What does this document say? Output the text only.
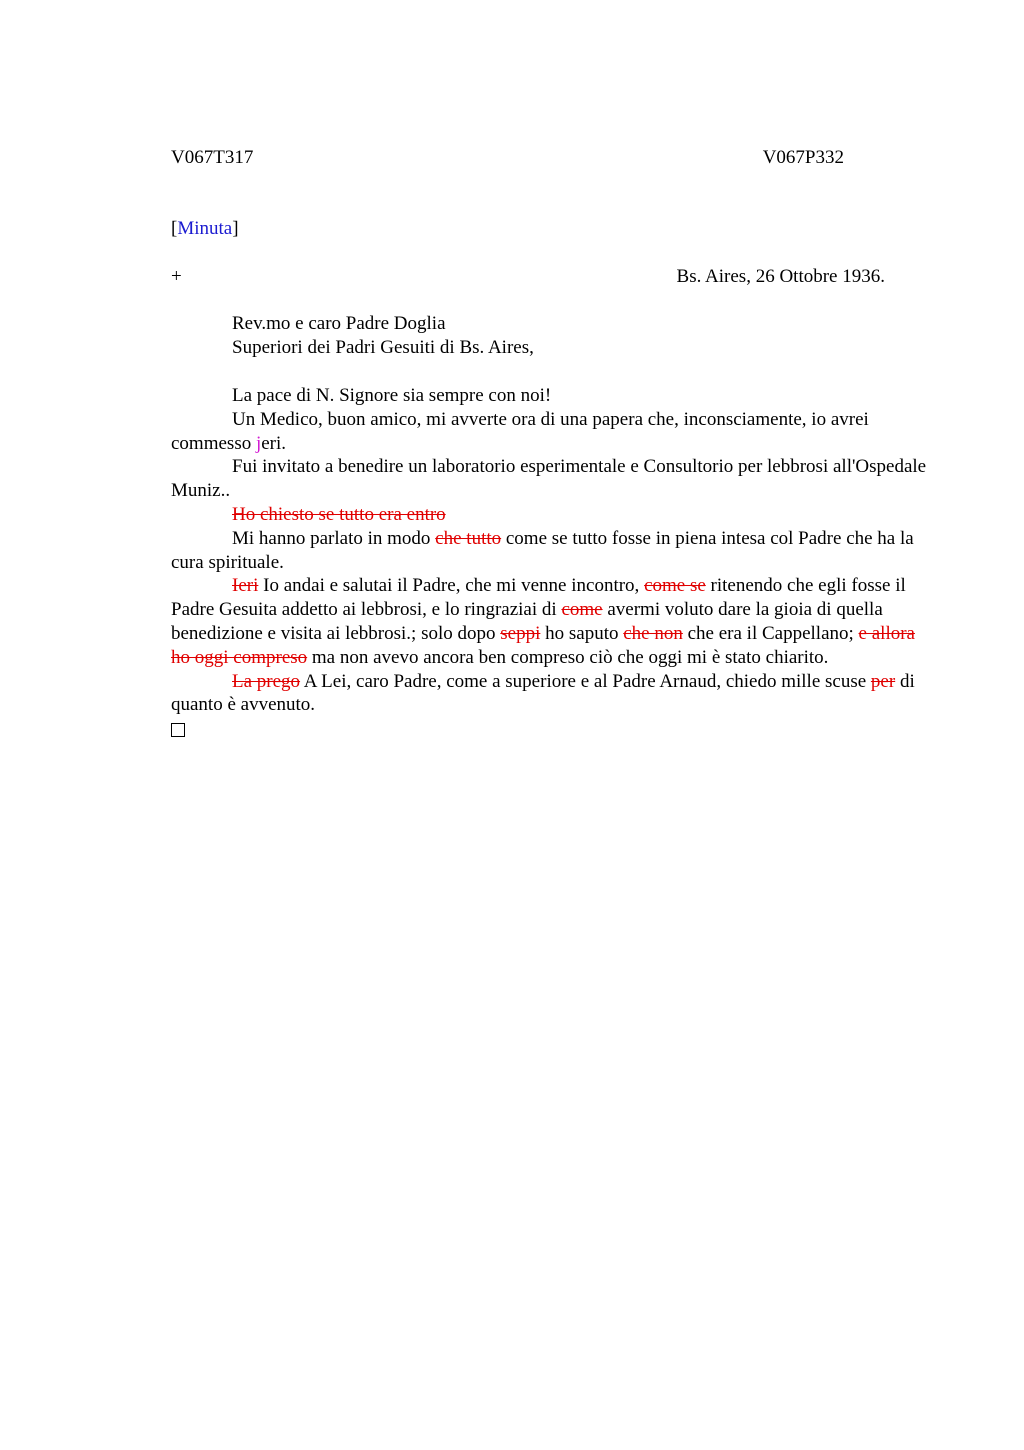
V067T317	V067P332
[Minuta]
+	Bs. Aires, 26 Ottobre 1936.

Rev.mo e caro Padre Doglia

Superiori dei Padri Gesuiti di Bs. Aires,

La pace di N. Signore sia sempre con noi!

Un Medico, buon amico, mi avverte ora di una papera che, inconsciamente, io avrei commesso jeri.

Fui invitato a benedire un laboratorio esperimentale e Consultorio per lebbrosi all'Ospedale Muniz..

Ho chiesto se tutto era entro

Mi hanno parlato in modo che tutto come se tutto fosse in piena intesa col Padre che ha la cura spirituale.

Ieri Io andai e salutai il Padre, che mi venne incontro, come se ritenendo che egli fosse il Padre Gesuita addetto ai lebbrosi, e lo ringraziai di come avermi voluto dare la gioia di quella benedizione e visita ai lebbrosi.; solo dopo seppi ho saputo che non che era il Cappellano; e allora ho oggi compreso ma non avevo ancora ben compreso ciò che oggi mi è stato chiarito.

La prego A Lei, caro Padre, come a superiore e al Padre Arnaud, chiedo mille scuse per di quanto è avvenuto.
